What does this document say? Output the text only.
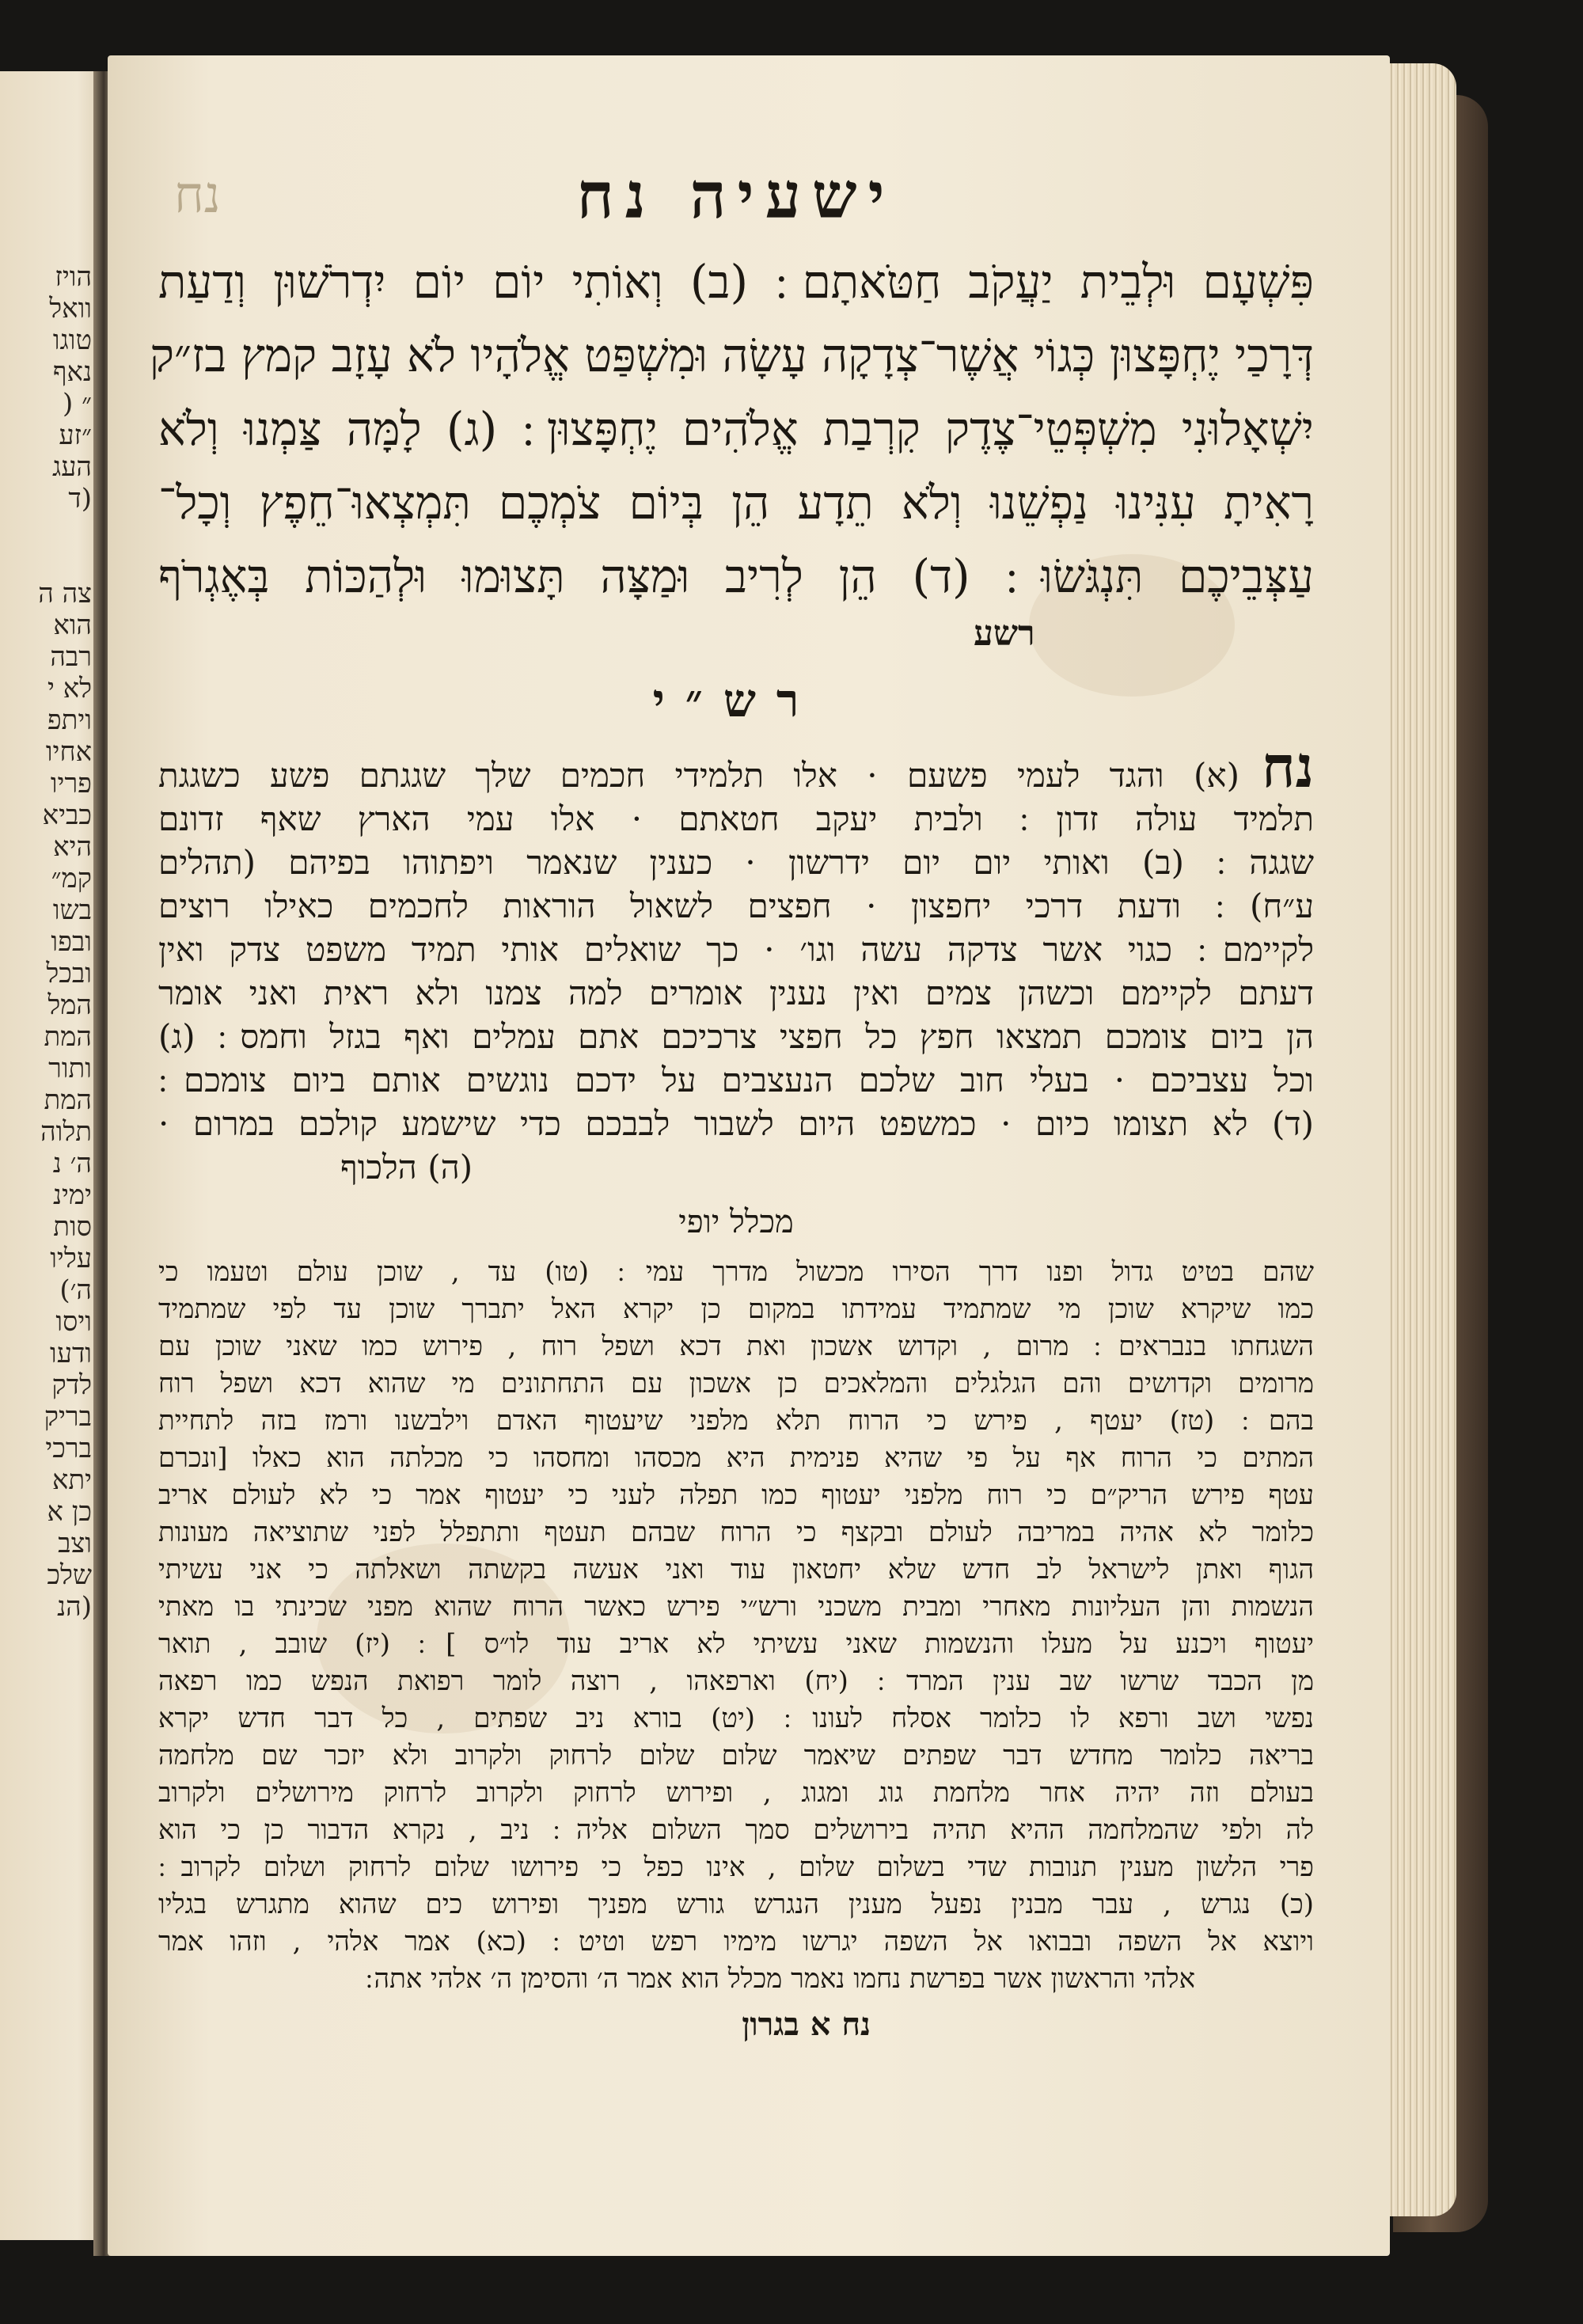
הויז
וואל
טוגו
נאף
״ (
״זע
העג
(ד
צה ה
הוא
רבה
לא י
ויתפ
אחיו
פריו
כביא
היא
קמ״
בשו
ובפו
ובכל
המל
המת
ותור
המת
תלוה
ה׳ נ
ימינ
סות
עליו
ה׳)
ויסו
ודעו
לדק
בריק
ברכי
יתא
כן א
וצב
שלכ
(הנ
ישעיה נח
נח
פִּשְׁעָם וּלְבֵית יַעֲקֹב חַטֹּאתָם ׃ (ב) וְאוֹתִי יוֹם יוֹם יִדְרֹשׁוּן וְדַעַת
דְּרָכַי יֶחְפָּצוּן כְּגוֹי אֲשֶׁר־צְדָקָה עָשָׂה וּמִשְׁפַּט אֱלֹהָיו לֹא עָזָב קמץ בז״ק
יִשְׁאָלוּנִי מִשְׁפְּטֵי־צֶדֶק קִרְבַת אֱלֹהִים יֶחְפָּצוּן ׃ (ג) לָמָּה צַּמְנוּ וְלֹא
רָאִיתָ עִנִּינוּ נַפְשֵׁנוּ וְלֹא תֵדָע הֵן בְּיוֹם צֹמְכֶם תִּמְצְאוּ־חֵפֶץ וְכָל־
עַצְּבֵיכֶם תִּנְגֹּשׂוּ ׃ (ד) הֵן לְרִיב וּמַצָּה תָּצוּמוּ וּלְהַכּוֹת בְּאֶגְרֹף
רשע
רש״י
נח(א) והגד לעמי פשעם · אלו תלמידי חכמים שלך שגגתם פשע כשגגת
תלמיד עולה זדון ׃ ולבית יעקב חטאתם · אלו עמי הארץ שאף זדונם
שגגה ׃ (ב) ואותי יום יום ידרשון · כענין שנאמר ויפתוהו בפיהם (תהלים
ע״ח) ׃ ודעת דרכי יחפצון · חפצים לשאול הוראות לחכמים כאילו רוצים
לקיימם ׃ כגוי אשר צדקה עשה וגו׳ · כך שואלים אותי תמיד משפט צדק ואין
דעתם לקיימם וכשהן צמים ואין נענין אומרים למה צמנו ולא ראית ואני אומר
הן ביום צומכם תמצאו חפץ כל חפצי צרכיכם אתם עמלים ואף בגזל וחמס ׃ (ג)
וכל עצביכם · בעלי חוב שלכם הנעצבים על ידכם נוגשים אותם ביום צומכם ׃
(ד) לא תצומו כיום · כמשפט היום לשבור לבבכם כדי שישמע קולכם במרום ·
(ה) הלכוף
מכלל יופי
שהם בטיט גדול ופנו דרך הסירו מכשול מדרך עמי ׃ (טו) עד , שוכן עולם וטעמו כי
כמו שיקרא שוכן מי שמתמיד עמידתו במקום כן יקרא האל יתברך שוכן עד לפי שמתמיד
השגחתו בנבראים ׃ מרום , וקדוש אשכון ואת דכא ושפל רוח , פירוש כמו שאני שוכן עם
מרומים וקדושים והם הגלגלים והמלאכים כן אשכון עם התחתונים מי שהוא דכא ושפל רוח
בהם ׃ (טז) יעטף , פירש כי הרוח תלא מלפני שיעטוף האדם וילבשנו ורמז בזה לתחיית
המתים כי הרוח אף על פי שהיא פנימית היא מכסהו ומחסהו כי מכלתה הוא כאלו [ונכרם
עטף פירש הריק״ם כי רוח מלפני יעטוף כמו תפלה לעני כי יעטוף אמר כי לא לעולם אריב
כלומר לא אהיה במריבה לעולם ובקצף כי הרוח שבהם תעטף ותתפלל לפני שתוציאה מעונות
הגוף ואתן לישראל לב חדש שלא יחטאון עוד ואני אעשה בקשתה ושאלתה כי אני עשיתי
הנשמות והן העליונות מאחרי ומבית משכני ורש״י פירש כאשר הרוח שהוא מפני שכינתי בו מאתי
יעטוף ויכנע על מעלו והנשמות שאני עשיתי לא אריב עוד לו״ס ] ׃ (יז) שובב , תואר
מן הכבד שרשו שב ענין המרד ׃ (יח) וארפאהו , רוצה לומר רפואת הנפש כמו רפאה
נפשי ושב ורפא לו כלומר אסלח לעונו ׃ (יט) בורא ניב שפתים , כל דבר חדש יקרא
בריאה כלומר מחדש דבר שפתים שיאמר שלום שלום לרחוק ולקרוב ולא יזכר שם מלחמה
בעולם וזה יהיה אחר מלחמת גוג ומגוג , ופירוש לרחוק ולקרוב לרחוק מירושלים ולקרוב
לה ולפי שהמלחמה ההיא תהיה בירושלים סמך השלום אליה ׃ ניב , נקרא הדבור כן כי הוא
פרי הלשון מענין תנובות שדי בשלום שלום , אינו כפל כי פירושו שלום לרחוק ושלום לקרוב ׃
(כ) נגרש , עבר מבנין נפעל מענין הנגרש גורש מפניך ופירוש כים שהוא מתגרש בגליו
ויוצא אל השפה ובבואו אל השפה יגרשו מימיו רפש וטיט ׃ (כא) אמר אלהי , וזהו אמר
אלהי והראשון אשר בפרשת נחמו נאמר מכלל הוא אמר ה׳ והסימן ה׳ אלהי אתה ׃
נח א בגרון
